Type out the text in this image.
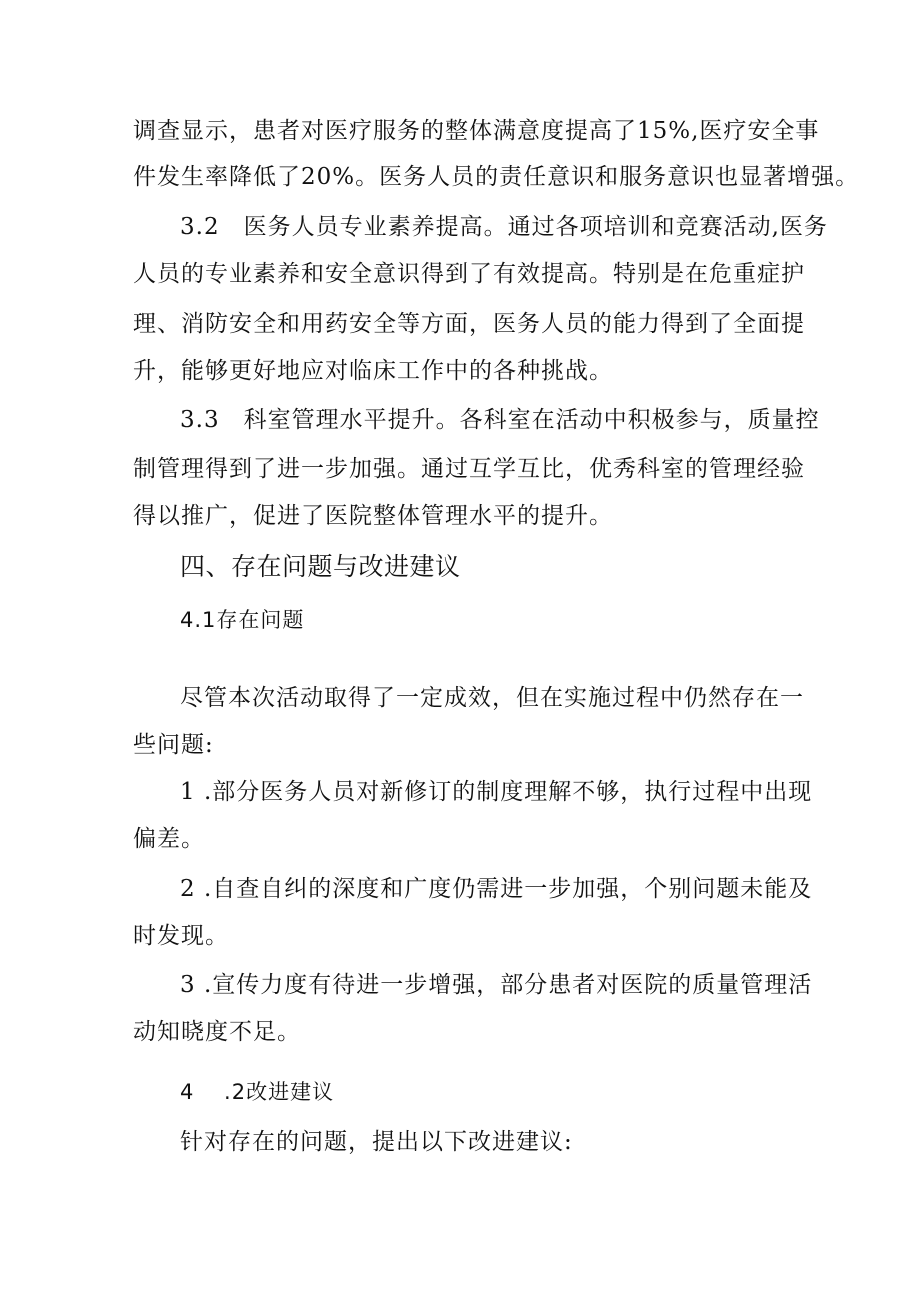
调查显示，患者对医疗服务的整体满意度提高了15%,医疗安全事
件发生率降低了20%。医务人员的责任意识和服务意识也显著增强。
3.2　医务人员专业素养提高。通过各项培训和竞赛活动,医务
人员的专业素养和安全意识得到了有效提高。特别是在危重症护
理、消防安全和用药安全等方面，医务人员的能力得到了全面提
升，能够更好地应对临床工作中的各种挑战。
3.3　科室管理水平提升。各科室在活动中积极参与，质量控
制管理得到了进一步加强。通过互学互比，优秀科室的管理经验
得以推广，促进了医院整体管理水平的提升。
四、存在问题与改进建议
4.1存在问题
尽管本次活动取得了一定成效，但在实施过程中仍然存在一
些问题:
1 .部分医务人员对新修订的制度理解不够，执行过程中出现
偏差。
2 .自查自纠的深度和广度仍需进一步加强，个别问题未能及
时发现。
3 .宣传力度有待进一步增强，部分患者对医院的质量管理活
动知晓度不足。
4　 .2改进建议
针对存在的问题，提出以下改进建议:
